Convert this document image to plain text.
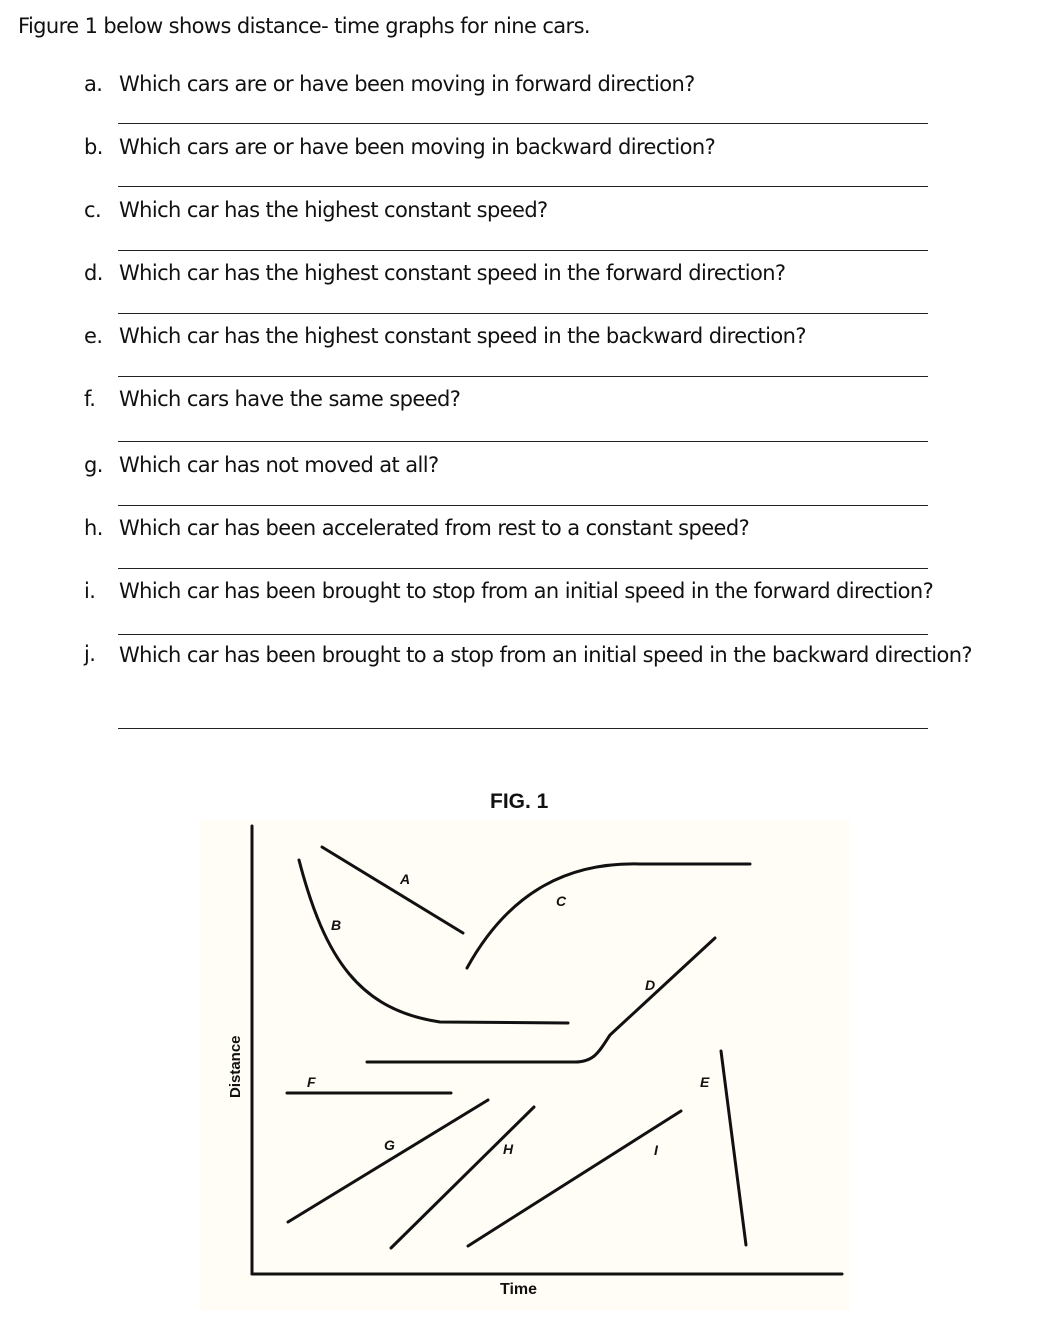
Figure 1 below shows distance- time graphs for nine cars.
a. Which cars are or have been moving in forward direction?
b. Which cars are or have been moving in backward direction?
c. Which car has the highest constant speed?
d. Which car has the highest constant speed in the forward direction?
e. Which car has the highest constant speed in the backward direction?
f.	Which cars have the same speed?
g. Which car has not moved at all?
h. Which car has been accelerated from rest to a constant speed?
i.	Which car has been brought to stop from an initial speed in the forward direction?
j.	Which car has been brought to a stop from an initial speed in the backward direction?
FIG. 1
A
B
C
D
E
F
G	H	I
Time
Distance
